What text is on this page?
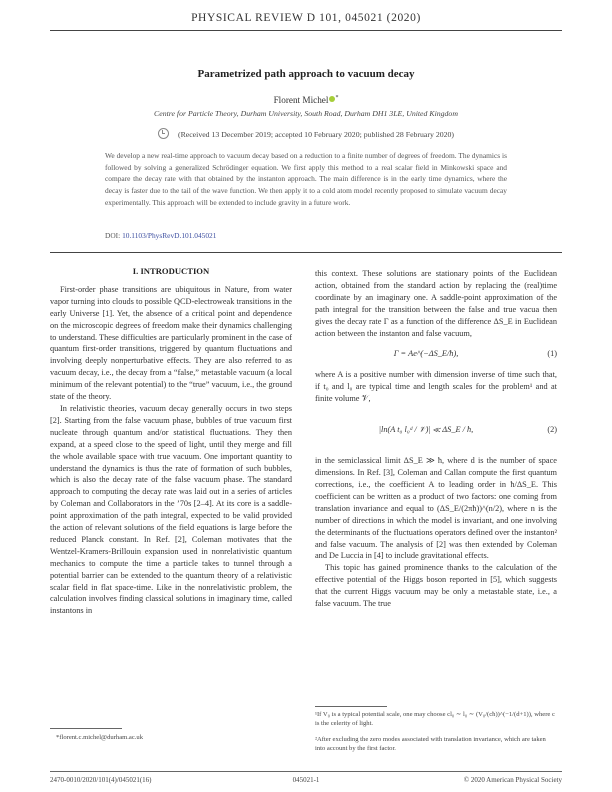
PHYSICAL REVIEW D 101, 045021 (2020)
Parametrized path approach to vacuum decay
Florent Michel *
Centre for Particle Theory, Durham University, South Road, Durham DH1 3LE, United Kingdom
(Received 13 December 2019; accepted 10 February 2020; published 28 February 2020)
We develop a new real-time approach to vacuum decay based on a reduction to a finite number of degrees of freedom. The dynamics is followed by solving a generalized Schrödinger equation. We first apply this method to a real scalar field in Minkowski space and compare the decay rate with that obtained by the instanton approach. The main difference is in the early time dynamics, where the decay is faster due to the tail of the wave function. We then apply it to a cold atom model recently proposed to simulate vacuum decay experimentally. This approach will be extended to include gravity in a future work.
DOI: 10.1103/PhysRevD.101.045021
I. INTRODUCTION

First-order phase transitions are ubiquitous in Nature, from water vapor turning into clouds to possible QCD-electroweak transitions in the early Universe [1]. Yet, the absence of a critical point and dependence on the microscopic degrees of freedom make their dynamics challenging to understand. These difficulties are particularly prominent in the case of quantum first-order transitions, triggered by quantum fluctuations and involving deeply nonperturbative effects. They are also referred to as vacuum decay, i.e., the decay from a “false,” metastable vacuum (a local minimum of the relevant potential) to the “true” vacuum, i.e., the ground state of the theory.

In relativistic theories, vacuum decay generally occurs in two steps [2]. Starting from the false vacuum phase, bubbles of true vacuum first nucleate through quantum and/or statistical fluctuations. They then expand, at a speed close to the speed of light, until they merge and fill the whole available space with true vacuum. One important quantity to understand the dynamics is thus the rate of formation of such bubbles, which is also the decay rate of the false vacuum phase. The standard approach to computing the decay rate was laid out in a series of articles by Coleman and Collaborators in the ’70s [2–4]. At its core is a saddle-point approximation of the path integral, expected to be valid provided the action of relevant solutions of the field equations is large before the reduced Planck constant. In Ref. [2], Coleman motivates that the Wentzel-Kramers-Brillouin expansion used in nonrelativistic quantum mechanics to compute the time a particle takes to tunnel through a potential barrier can be extended to the quantum theory of a relativistic scalar field in flat space-time. Like in the nonrelativistic problem, the calculation involves finding classical solutions in imaginary time, called instantons in

this context. These solutions are stationary points of the Euclidean action, obtained from the standard action by replacing the (real)time coordinate by an imaginary one. A saddle-point approximation of the path integral for the transition between the false and true vacua then gives the decay rate Γ as a function of the difference ΔS_E in Euclidean action between the instanton and false vacuum,

Γ = Ae^(−ΔS_E/ħ),	(1)

where A is a positive number with dimension inverse of time such that, if t₀ and l₀ are typical time and length scales for the problem¹ and at finite volume 𝒱,

|ln(A t₀ l₀ᵈ / 𝒱)| ≪ ΔS_E / ħ,	(2)

in the semiclassical limit ΔS_E ≫ ħ, where d is the number of space dimensions. In Ref. [3], Coleman and Callan compute the first quantum corrections, i.e., the coefficient A to leading order in ħ/ΔS_E. This coefficient can be written as a product of two factors: one coming from translation invariance and equal to (ΔS_E/(2πħ))^(n/2), where n is the number of directions in which the model is invariant, and one involving the determinants of the fluctuations operators defined over the instanton² and false vacuum. The analysis of [2] was then extended by Coleman and De Luccia in [4] to include gravitational effects.

This topic has gained prominence thanks to the calculation of the effective potential of the Higgs boson reported in [5], which suggests that the current Higgs vacuum may be only a metastable state, i.e., a false vacuum. The true

*florent.c.michel@durham.ac.uk
¹If V₀ is a typical potential scale, one may choose cl₀ ∼ l₀ ∼ (V₀/(cħ))^(−1/(d+1)), where c is the celerity of light.
²After excluding the zero modes associated with translation invariance, which are taken into account by the first factor.
2470-0010/2020/101(4)/045021(16)	045021-1	© 2020 American Physical Society
